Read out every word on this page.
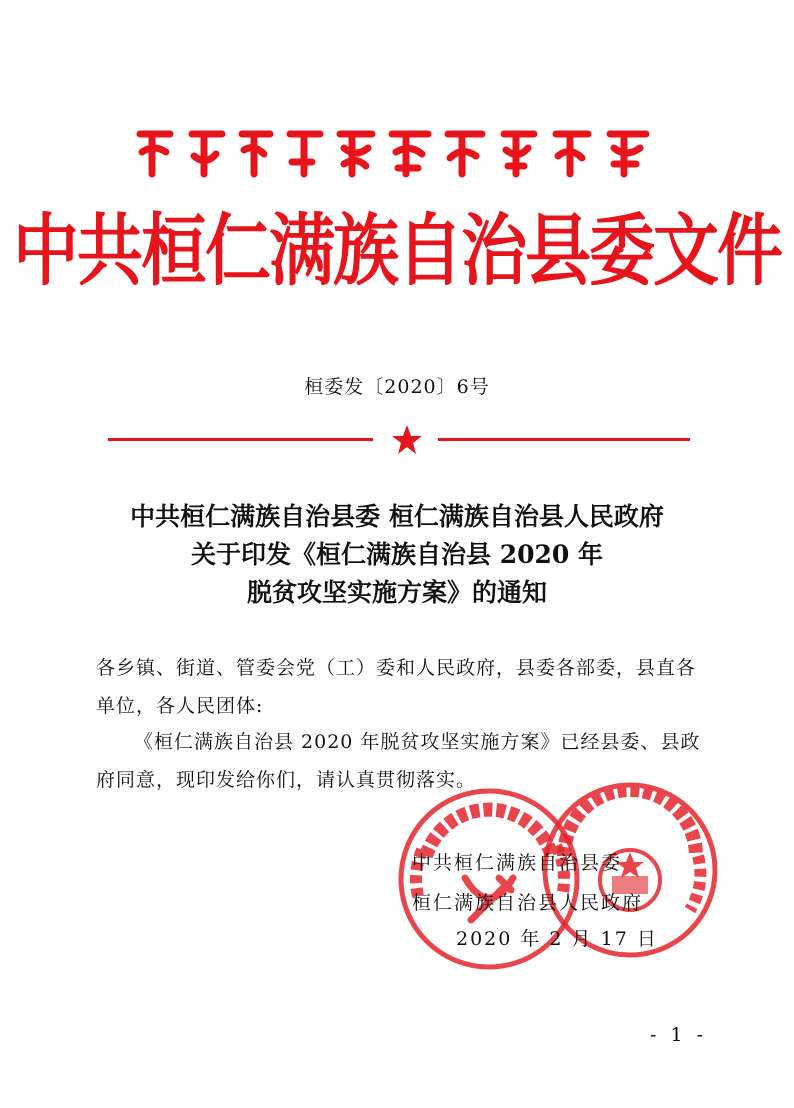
中共桓仁满族自治县委文件
桓委发〔2020〕6号
中共桓仁满族自治县委 桓仁满族自治县人民政府
关于印发《桓仁满族自治县 2020 年
脱贫攻坚实施方案》的通知
各乡镇、街道、管委会党（工）委和人民政府，县委各部委，县直各单位，各人民团体:
《桓仁满族自治县 2020 年脱贫攻坚实施方案》已经县委、县政府同意，现印发给你们，请认真贯彻落实。
中共桓仁满族自治县委
桓仁满族自治县人民政府
2020 年 2 月 17 日
- 1 -
